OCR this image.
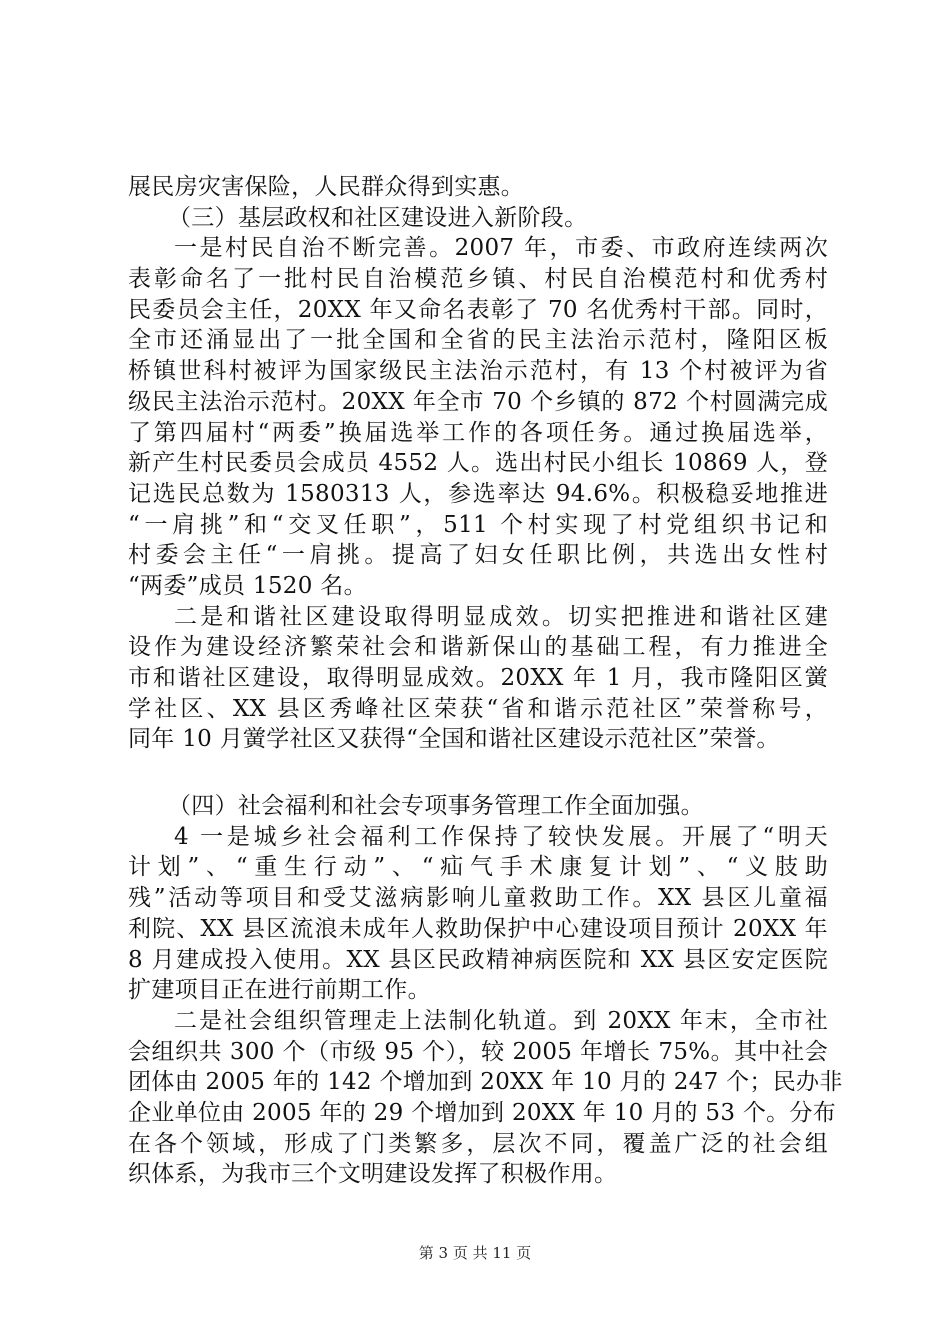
展民房灾害保险，人民群众得到实惠。
（三）基层政权和社区建设进入新阶段。
一是村民自治不断完善。2007 年，市委、市政府连续两次
表彰命名了一批村民自治模范乡镇、村民自治模范村和优秀村
民委员会主任，20XX 年又命名表彰了 70 名优秀村干部。同时，
全市还涌显出了一批全国和全省的民主法治示范村，隆阳区板
桥镇世科村被评为国家级民主法治示范村，有 13 个村被评为省
级民主法治示范村。20XX 年全市 70 个乡镇的 872 个村圆满完成
了第四届村“两委”换届选举工作的各项任务。通过换届选举，
新产生村民委员会成员 4552 人。选出村民小组长 10869 人，登
记选民总数为 1580313 人，参选率达 94.6%。积极稳妥地推进
“一肩挑”和“交叉任职”，511 个村实现了村党组织书记和
村委会主任“一肩挑。提高了妇女任职比例，共选出女性村
“两委”成员 1520 名。
二是和谐社区建设取得明显成效。切实把推进和谐社区建
设作为建设经济繁荣社会和谐新保山的基础工程，有力推进全
市和谐社区建设，取得明显成效。20XX 年 1 月，我市隆阳区黉
学社区、XX 县区秀峰社区荣获“省和谐示范社区”荣誉称号，
同年 10 月黉学社区又获得“全国和谐社区建设示范社区”荣誉。
（四）社会福利和社会专项事务管理工作全面加强。
4 一是城乡社会福利工作保持了较快发展。开展了“明天
计划”、“重生行动”、“疝气手术康复计划”、“义肢助
残”活动等项目和受艾滋病影响儿童救助工作。XX 县区儿童福
利院、XX 县区流浪未成年人救助保护中心建设项目预计 20XX 年
8 月建成投入使用。XX 县区民政精神病医院和 XX 县区安定医院
扩建项目正在进行前期工作。
二是社会组织管理走上法制化轨道。到 20XX 年末，全市社
会组织共 300 个（市级 95 个），较 2005 年增长 75%。其中社会
团体由 2005 年的 142 个增加到 20XX 年 10 月的 247 个；民办非
企业单位由 2005 年的 29 个增加到 20XX 年 10 月的 53 个。分布
在各个领域，形成了门类繁多，层次不同，覆盖广泛的社会组
织体系，为我市三个文明建设发挥了积极作用。
第 3 页 共 11 页
